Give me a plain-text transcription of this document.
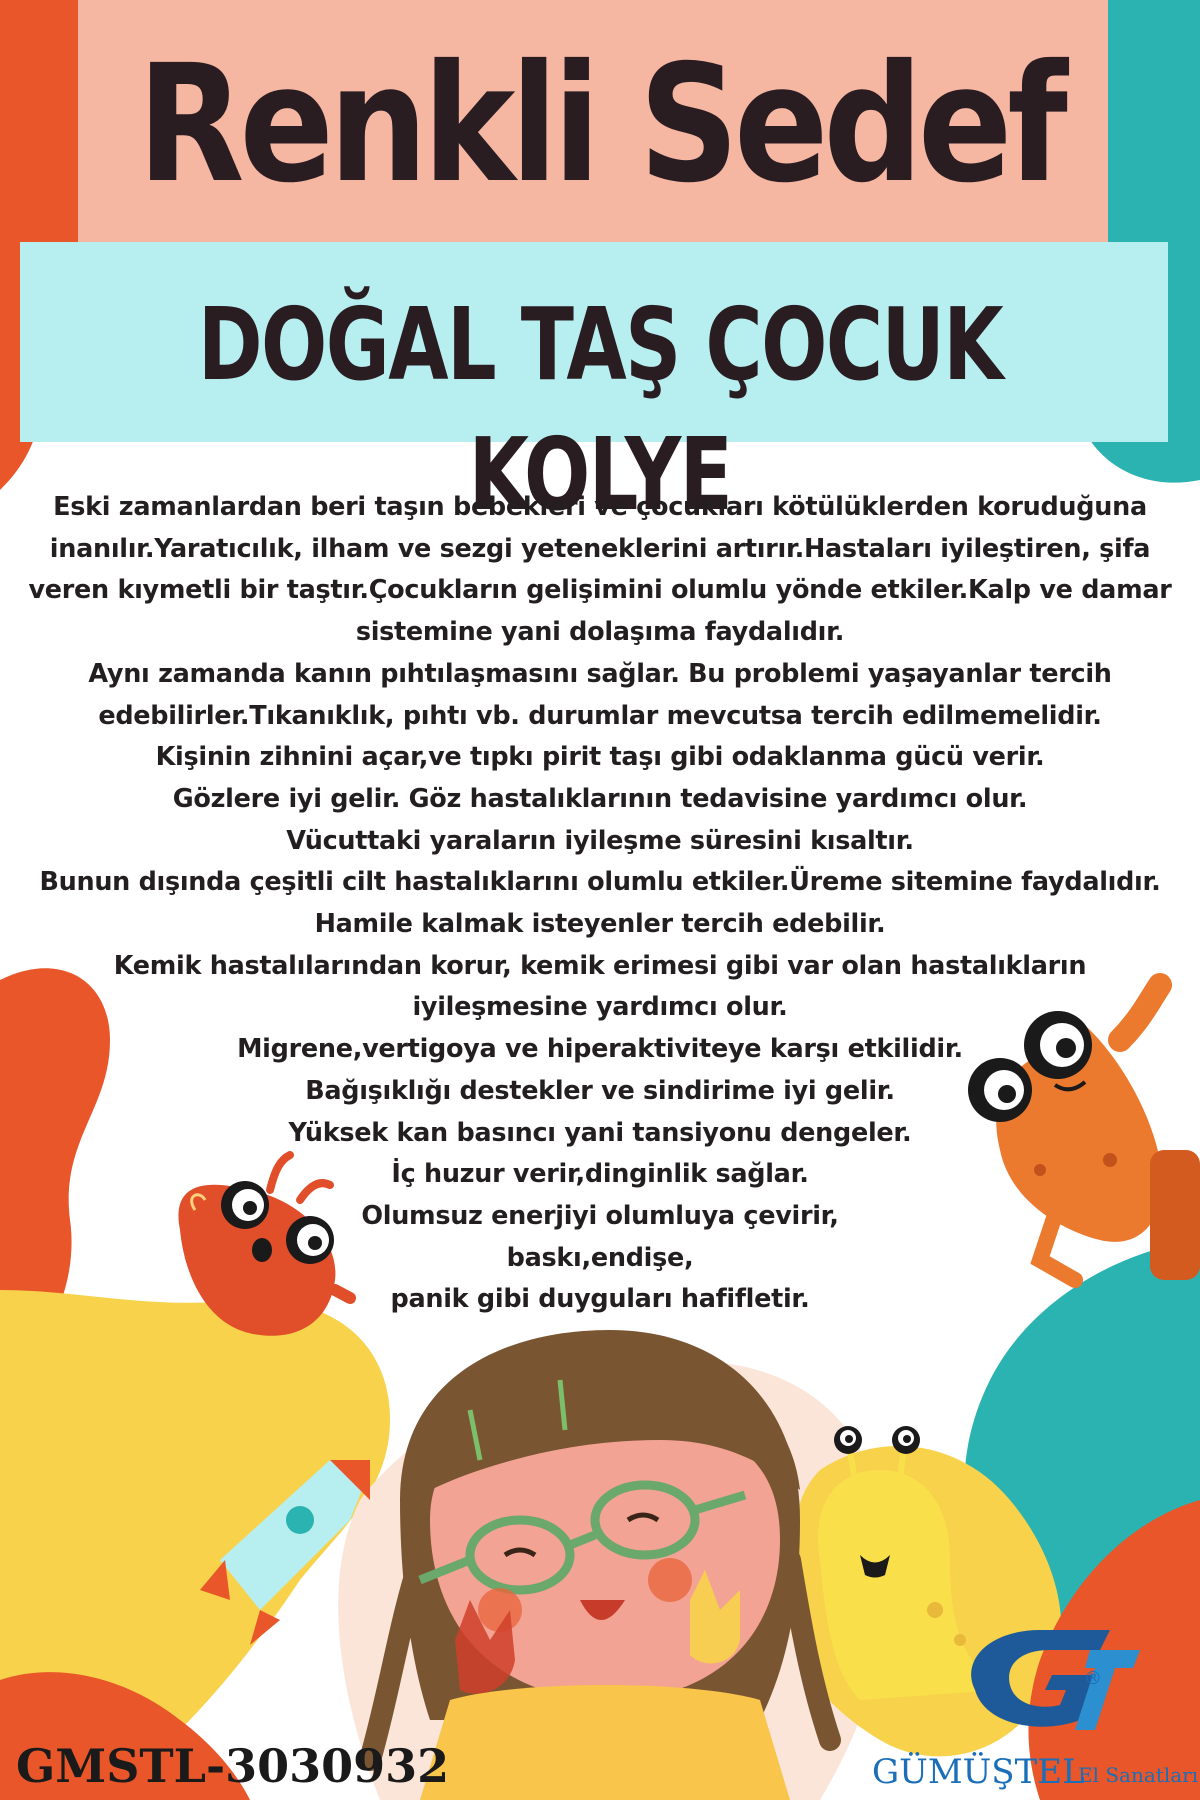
Renkli Sedef
DOĞAL TAŞ ÇOCUK KOLYE
Eski zamanlardan beri taşın bebekleri ve çocukları kötülüklerden koruduğuna
inanılır.Yaratıcılık, ilham ve sezgi yeteneklerini artırır.Hastaları iyileştiren, şifa
veren kıymetli bir taştır.Çocukların gelişimini olumlu yönde etkiler.Kalp ve damar
sistemine yani dolaşıma faydalıdır.
Aynı zamanda kanın pıhtılaşmasını sağlar. Bu problemi yaşayanlar tercih
edebilirler.Tıkanıklık, pıhtı vb. durumlar mevcutsa tercih edilmemelidir.
Kişinin zihnini açar,ve tıpkı pirit taşı gibi odaklanma gücü verir.
Gözlere iyi gelir. Göz hastalıklarının tedavisine yardımcı olur.
Vücuttaki yaraların iyileşme süresini kısaltır.
Bunun dışında çeşitli cilt hastalıklarını olumlu etkiler.Üreme sitemine faydalıdır.
Hamile kalmak isteyenler tercih edebilir.
Kemik hastalılarından korur, kemik erimesi gibi var olan hastalıkların
iyileşmesine yardımcı olur.
Migrene,vertigoya ve hiperaktiviteye karşı etkilidir.
Bağışıklığı destekler ve sindirime iyi gelir.
Yüksek kan basıncı yani tansiyonu dengeler.
İç huzur verir,dinginlik sağlar.
Olumsuz enerjiyi olumluya çevirir,
baskı,endişe,
panik gibi duyguları hafifletir.
GMSTL-3030932
®
GÜMÜŞTEL
El Sanatları
